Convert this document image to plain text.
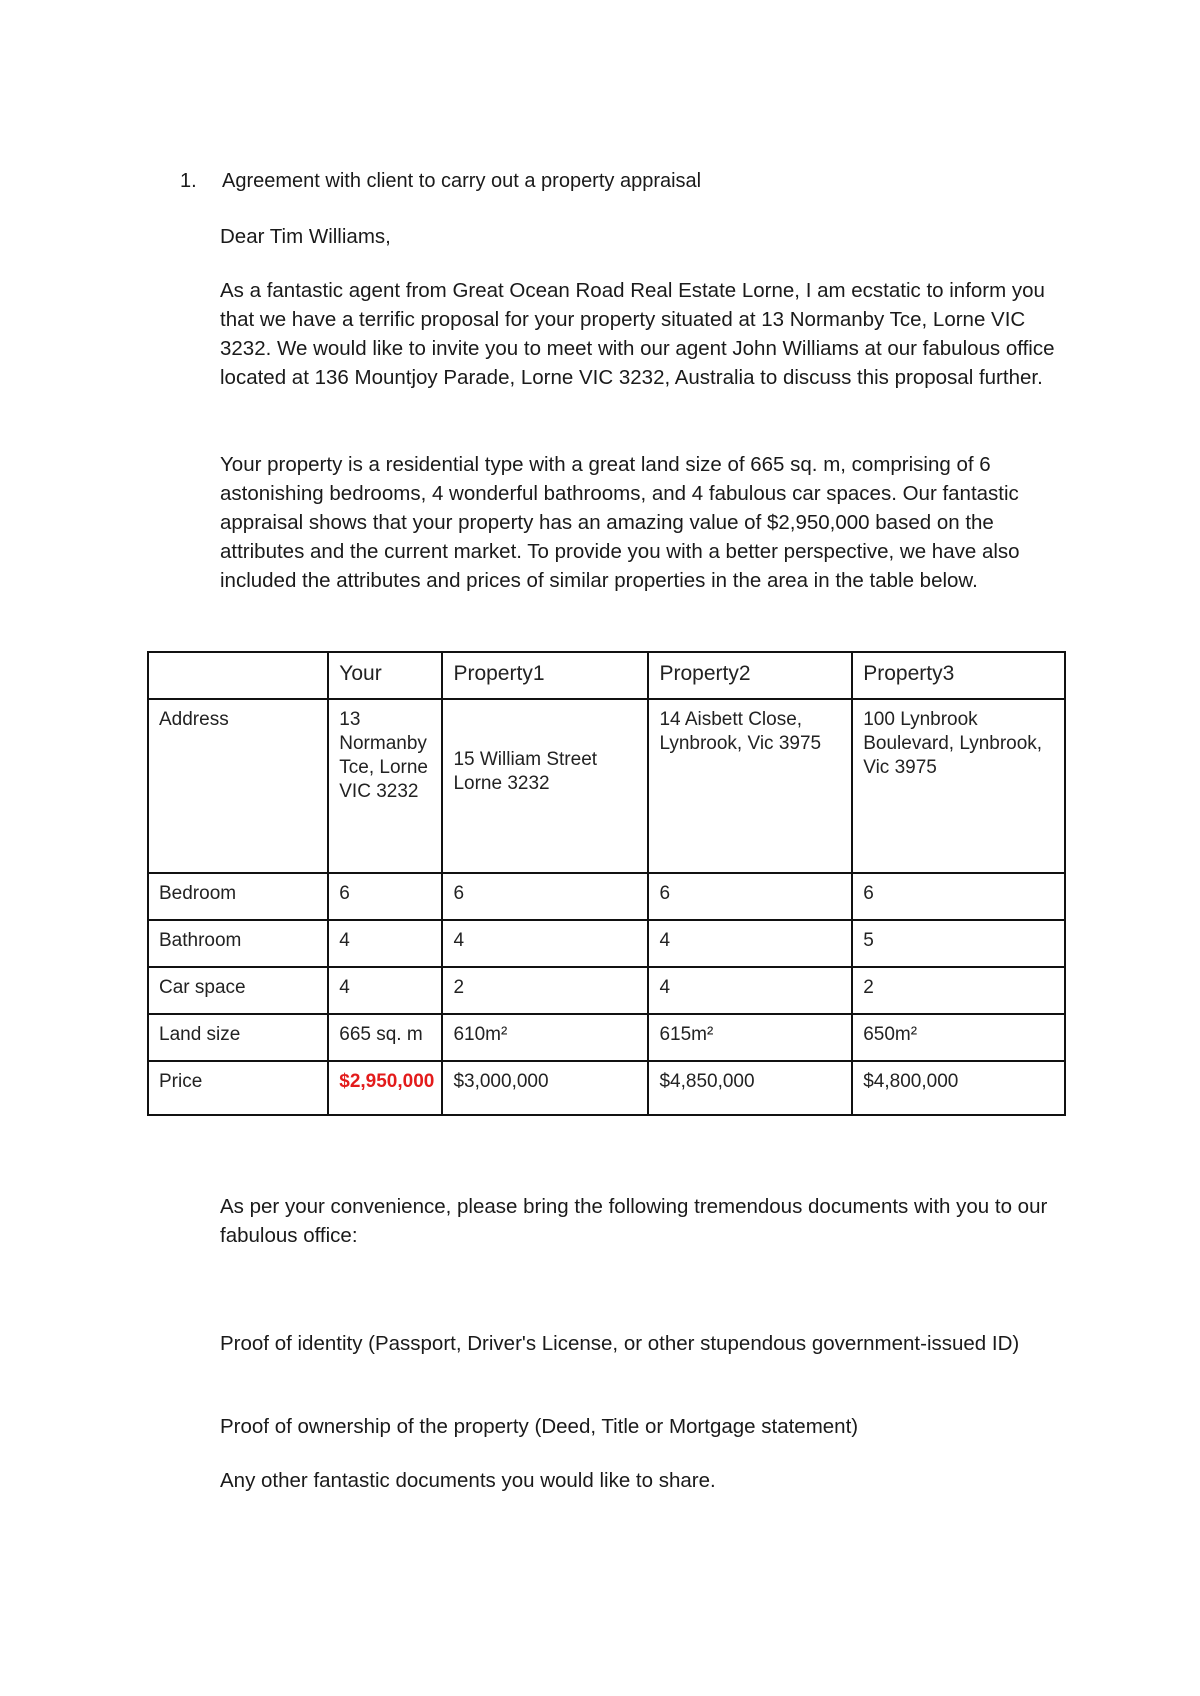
1. Agreement with client to carry out a property appraisal

Dear Tim Williams,

As a fantastic agent from Great Ocean Road Real Estate Lorne, I am ecstatic to inform you that we have a terrific proposal for your property situated at 13 Normanby Tce, Lorne VIC 3232. We would like to invite you to meet with our agent John Williams at our fabulous office located at 136 Mountjoy Parade, Lorne VIC 3232, Australia to discuss this proposal further.

Your property is a residential type with a great land size of 665 sq. m, comprising of 6 astonishing bedrooms, 4 wonderful bathrooms, and 4 fabulous car spaces. Our fantastic appraisal shows that your property has an amazing value of $2,950,000 based on the attributes and the current market. To provide you with a better perspective, we have also included the attributes and prices of similar properties in the area in the table below.

	Your	Property1	Property2	Property3
Address	13 Normanby Tce, Lorne VIC 3232	15 William Street Lorne 3232	14 Aisbett Close, Lynbrook, Vic 3975	100 Lynbrook Boulevard, Lynbrook, Vic 3975
Bedroom	6	6	6	6
Bathroom	4	4	4	5
Car space	4	2	4	2
Land size	665 sq. m	610m²	615m²	650m²
Price	$2,950,000	$3,000,000	$4,850,000	$4,800,000

As per your convenience, please bring the following tremendous documents with you to our fabulous office:

Proof of identity (Passport, Driver's License, or other stupendous government-issued ID)

Proof of ownership of the property (Deed, Title or Mortgage statement)

Any other fantastic documents you would like to share.
